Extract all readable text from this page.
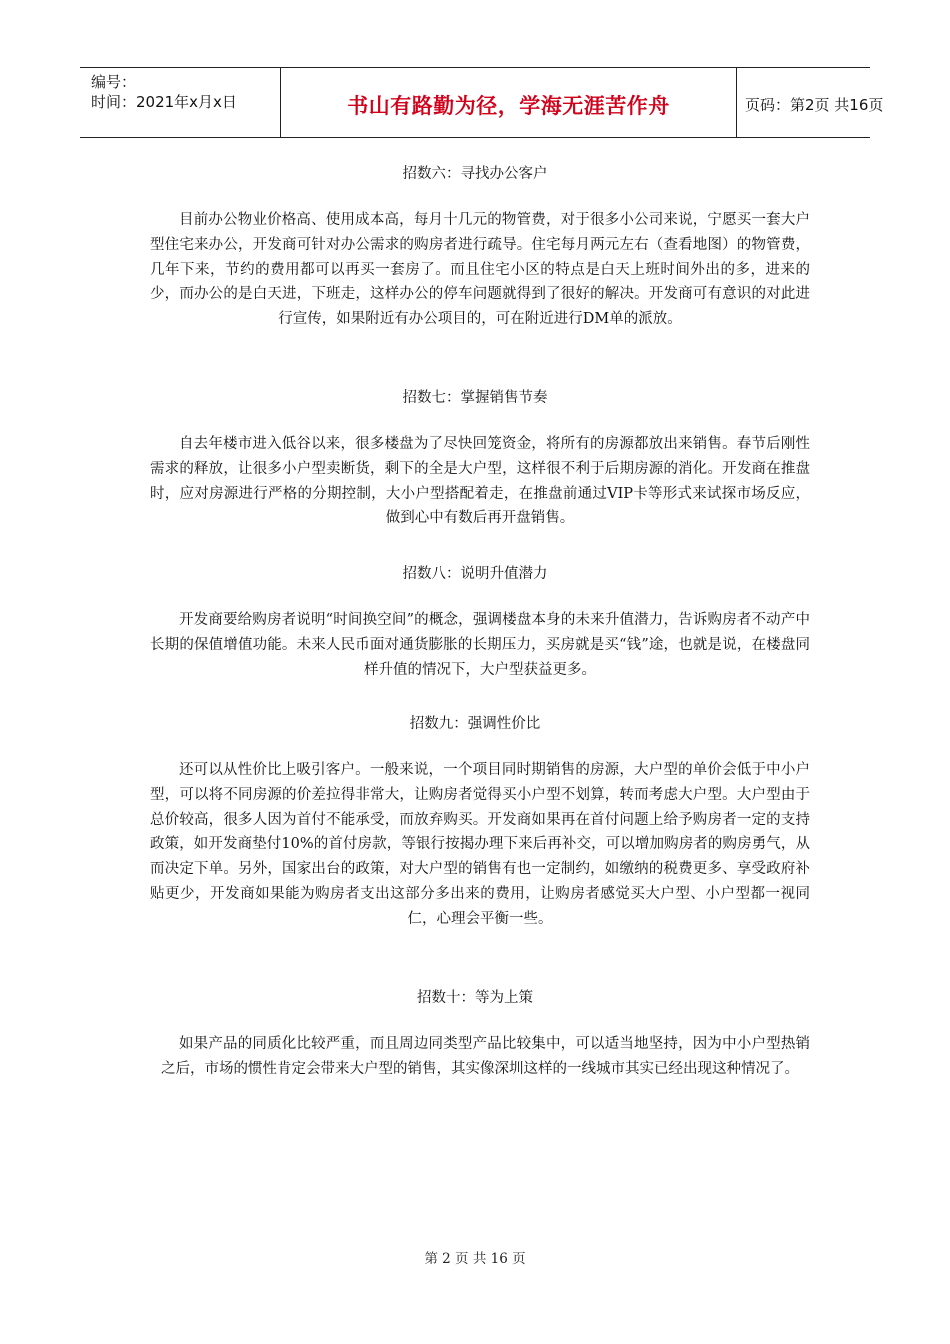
编号：
时间：2021年x月x日	书山有路勤为径，学海无涯苦作舟	页码：第2页 共16页
招数六：寻找办公客户
目前办公物业价格高、使用成本高，每月十几元的物管费，对于很多小公司来说，宁愿买一套大户型住宅来办公，开发商可针对办公需求的购房者进行疏导。住宅每月两元左右（查看地图）的物管费，几年下来，节约的费用都可以再买一套房了。而且住宅小区的特点是白天上班时间外出的多，进来的少，而办公的是白天进，下班走，这样办公的停车问题就得到了很好的解决。开发商可有意识的对此进行宣传，如果附近有办公项目的，可在附近进行DM单的派放。
招数七：掌握销售节奏
自去年楼市进入低谷以来，很多楼盘为了尽快回笼资金，将所有的房源都放出来销售。春节后刚性需求的释放，让很多小户型卖断货，剩下的全是大户型，这样很不利于后期房源的消化。开发商在推盘时，应对房源进行严格的分期控制，大小户型搭配着走，在推盘前通过VIP卡等形式来试探市场反应，做到心中有数后再开盘销售。
招数八：说明升值潜力
开发商要给购房者说明“时间换空间”的概念，强调楼盘本身的未来升值潜力，告诉购房者不动产中长期的保值增值功能。未来人民币面对通货膨胀的长期压力，买房就是买“钱”途，也就是说，在楼盘同样升值的情况下，大户型获益更多。
招数九：强调性价比
还可以从性价比上吸引客户。一般来说，一个项目同时期销售的房源，大户型的单价会低于中小户型，可以将不同房源的价差拉得非常大，让购房者觉得买小户型不划算，转而考虑大户型。大户型由于总价较高，很多人因为首付不能承受，而放弃购买。开发商如果再在首付问题上给予购房者一定的支持政策，如开发商垫付10%的首付房款，等银行按揭办理下来后再补交，可以增加购房者的购房勇气，从而决定下单。另外，国家出台的政策，对大户型的销售有也一定制约，如缴纳的税费更多、享受政府补贴更少，开发商如果能为购房者支出这部分多出来的费用，让购房者感觉买大户型、小户型都一视同仁，心理会平衡一些。
招数十：等为上策
如果产品的同质化比较严重，而且周边同类型产品比较集中，可以适当地坚持，因为中小户型热销之后，市场的惯性肯定会带来大户型的销售，其实像深圳这样的一线城市其实已经出现这种情况了。
第 2 页 共 16 页
